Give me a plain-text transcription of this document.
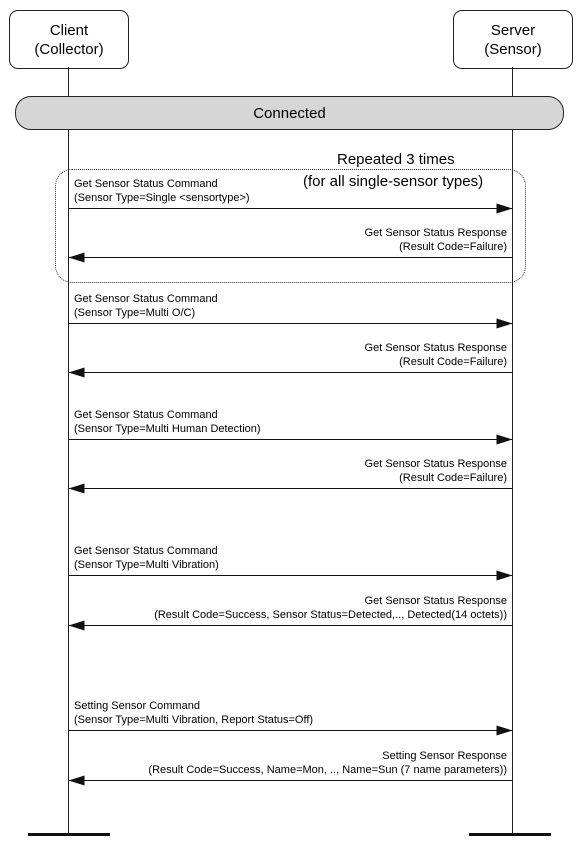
Client
(Collector)
Server
(Sensor)
Connected
Repeated 3 times
(for all single-sensor types)
Get Sensor Status Command
(Sensor Type=Single <sensortype>)
Get Sensor Status Response
(Result Code=Failure)
Get Sensor Status Command
(Sensor Type=Multi O/C)
Get Sensor Status Response
(Result Code=Failure)
Get Sensor Status Command
(Sensor Type=Multi Human Detection)
Get Sensor Status Response
(Result Code=Failure)
Get Sensor Status Command
(Sensor Type=Multi Vibration)
Get Sensor Status Response
(Result Code=Success, Sensor Status=Detected,.., Detected(14 octets))
Setting Sensor Command
(Sensor Type=Multi Vibration, Report Status=Off)
Setting Sensor Response
(Result Code=Success, Name=Mon, .., Name=Sun (7 name parameters))
